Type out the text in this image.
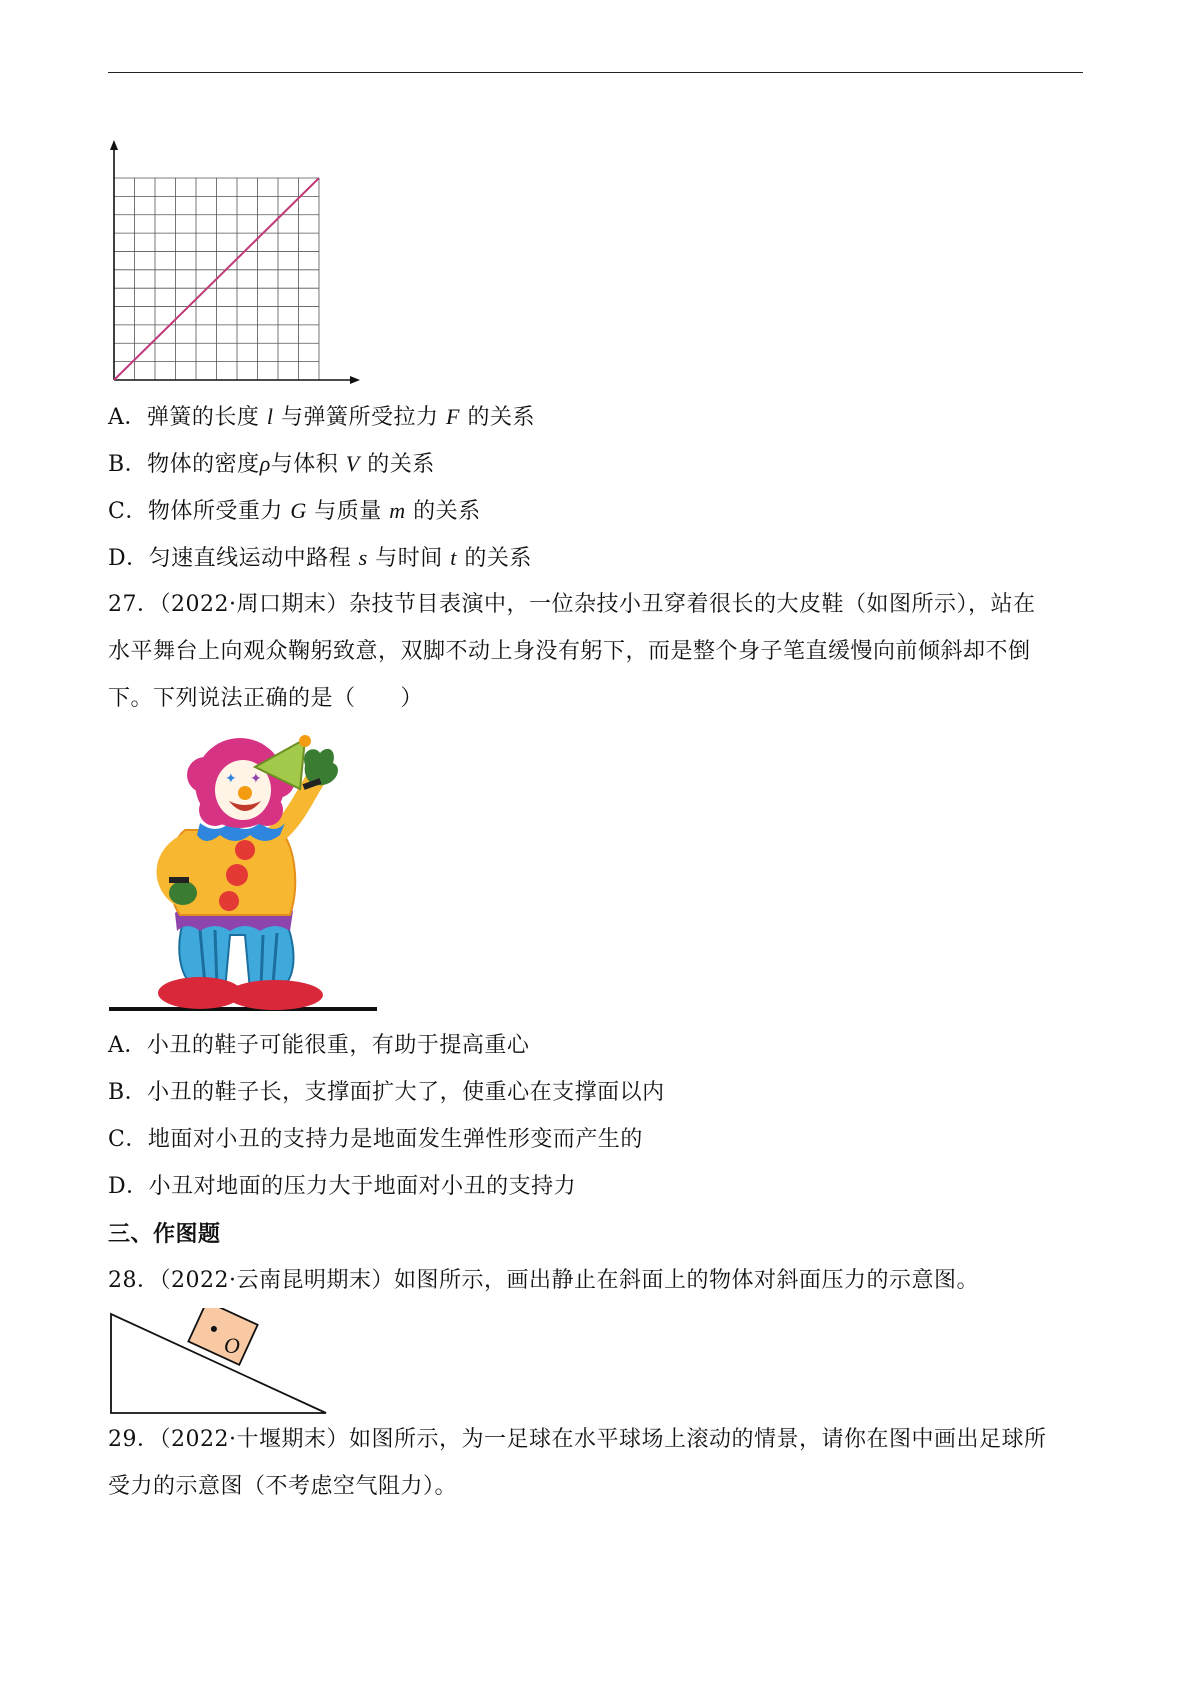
A．弹簧的长度 l 与弹簧所受拉力 F 的关系
B．物体的密度ρ与体积 V 的关系
C．物体所受重力 G 与质量 m 的关系
D．匀速直线运动中路程 s 与时间 t 的关系
27．（2022·周口期末）杂技节目表演中，一位杂技小丑穿着很长的大皮鞋（如图所示），站在
水平舞台上向观众鞠躬致意，双脚不动上身没有躬下，而是整个身子笔直缓慢向前倾斜却不倒
下。下列说法正确的是（　　）
✦ ✦
A．小丑的鞋子可能很重，有助于提高重心
B．小丑的鞋子长，支撑面扩大了，使重心在支撑面以内
C．地面对小丑的支持力是地面发生弹性形变而产生的
D．小丑对地面的压力大于地面对小丑的支持力
三、作图题
28．（2022·云南昆明期末）如图所示，画出静止在斜面上的物体对斜面压力的示意图。
O
29．（2022·十堰期末）如图所示，为一足球在水平球场上滚动的情景，请你在图中画出足球所
受力的示意图（不考虑空气阻力）。
